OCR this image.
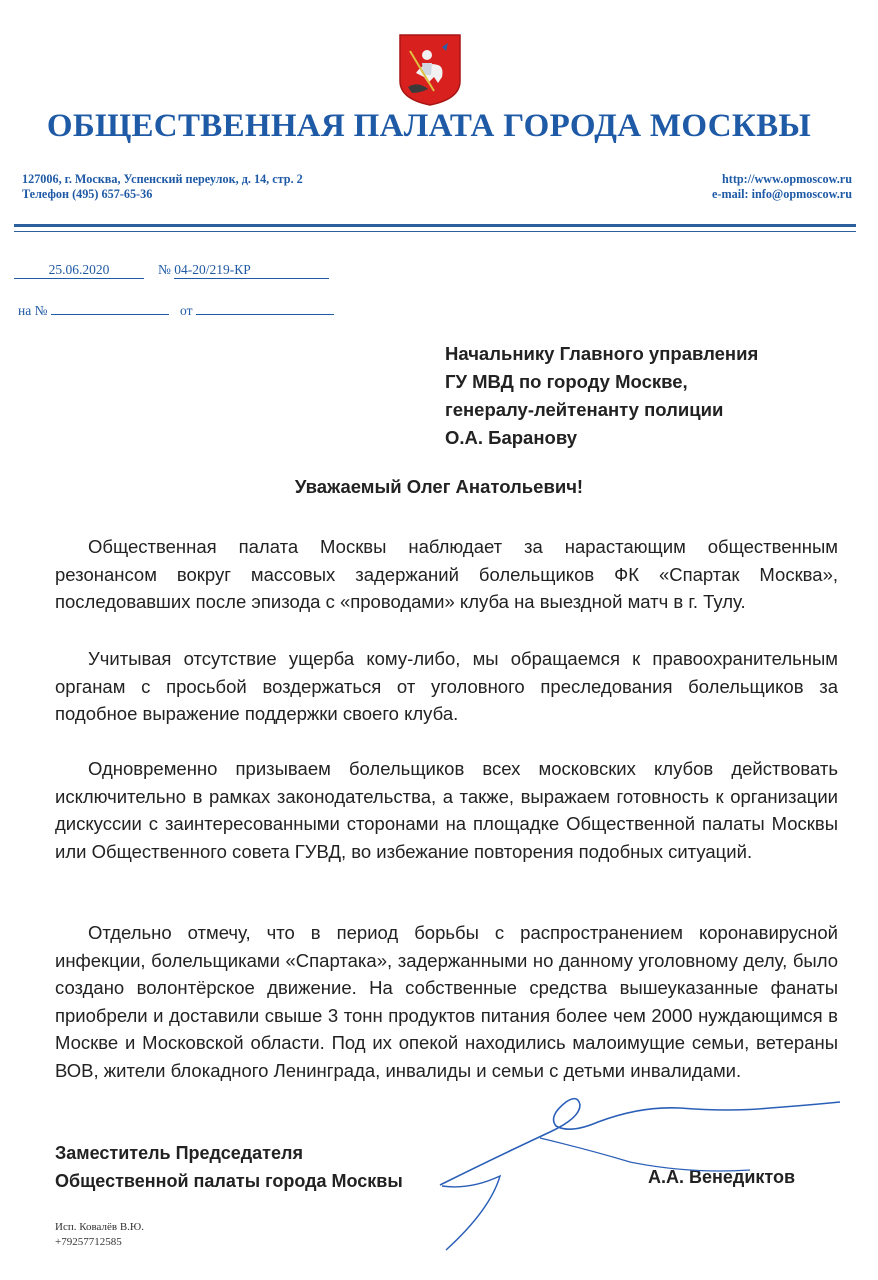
ОБЩЕСТВЕННАЯ ПАЛАТА ГОРОДА МОСКВЫ
127006, г. Москва, Успенский переулок, д. 14, стр. 2
Телефон (495) 657-65-36
http://www.opmoscow.ru
e-mail: info@opmoscow.ru
25.06.2020	№ 04-20/219-КР
на №	от
Начальнику Главного управления
ГУ МВД по городу Москве,
генералу-лейтенанту полиции
О.А. Баранову
Уважаемый Олег Анатольевич!
Общественная палата Москвы наблюдает за нарастающим общественным резонансом вокруг массовых задержаний болельщиков ФК «Спартак Москва», последовавших после эпизода с «проводами» клуба на выездной матч в г. Тулу.
Учитывая отсутствие ущерба кому-либо, мы обращаемся к правоохранительным органам с просьбой воздержаться от уголовного преследования болельщиков за подобное выражение поддержки своего клуба.
Одновременно призываем болельщиков всех московских клубов действовать исключительно в рамках законодательства, а также, выражаем готовность к организации дискуссии с заинтересованными сторонами на площадке Общественной палаты Москвы или Общественного совета ГУВД, во избежание повторения подобных ситуаций.
Отдельно отмечу, что в период борьбы с распространением коронавирусной инфекции, болельщиками «Спартака», задержанными но данному уголовному делу, было создано волонтёрское движение. На собственные средства вышеуказанные фанаты приобрели и доставили свыше 3 тонн продуктов питания более чем 2000 нуждающимся в Москве и Московской области. Под их опекой находились малоимущие семьи, ветераны ВОВ, жители блокадного Ленинграда, инвалиды и семьи с детьми инвалидами.
Заместитель Председателя
Общественной палаты города Москвы	А.А. Венедиктов
Исп. Ковалёв В.Ю.
+79257712585
